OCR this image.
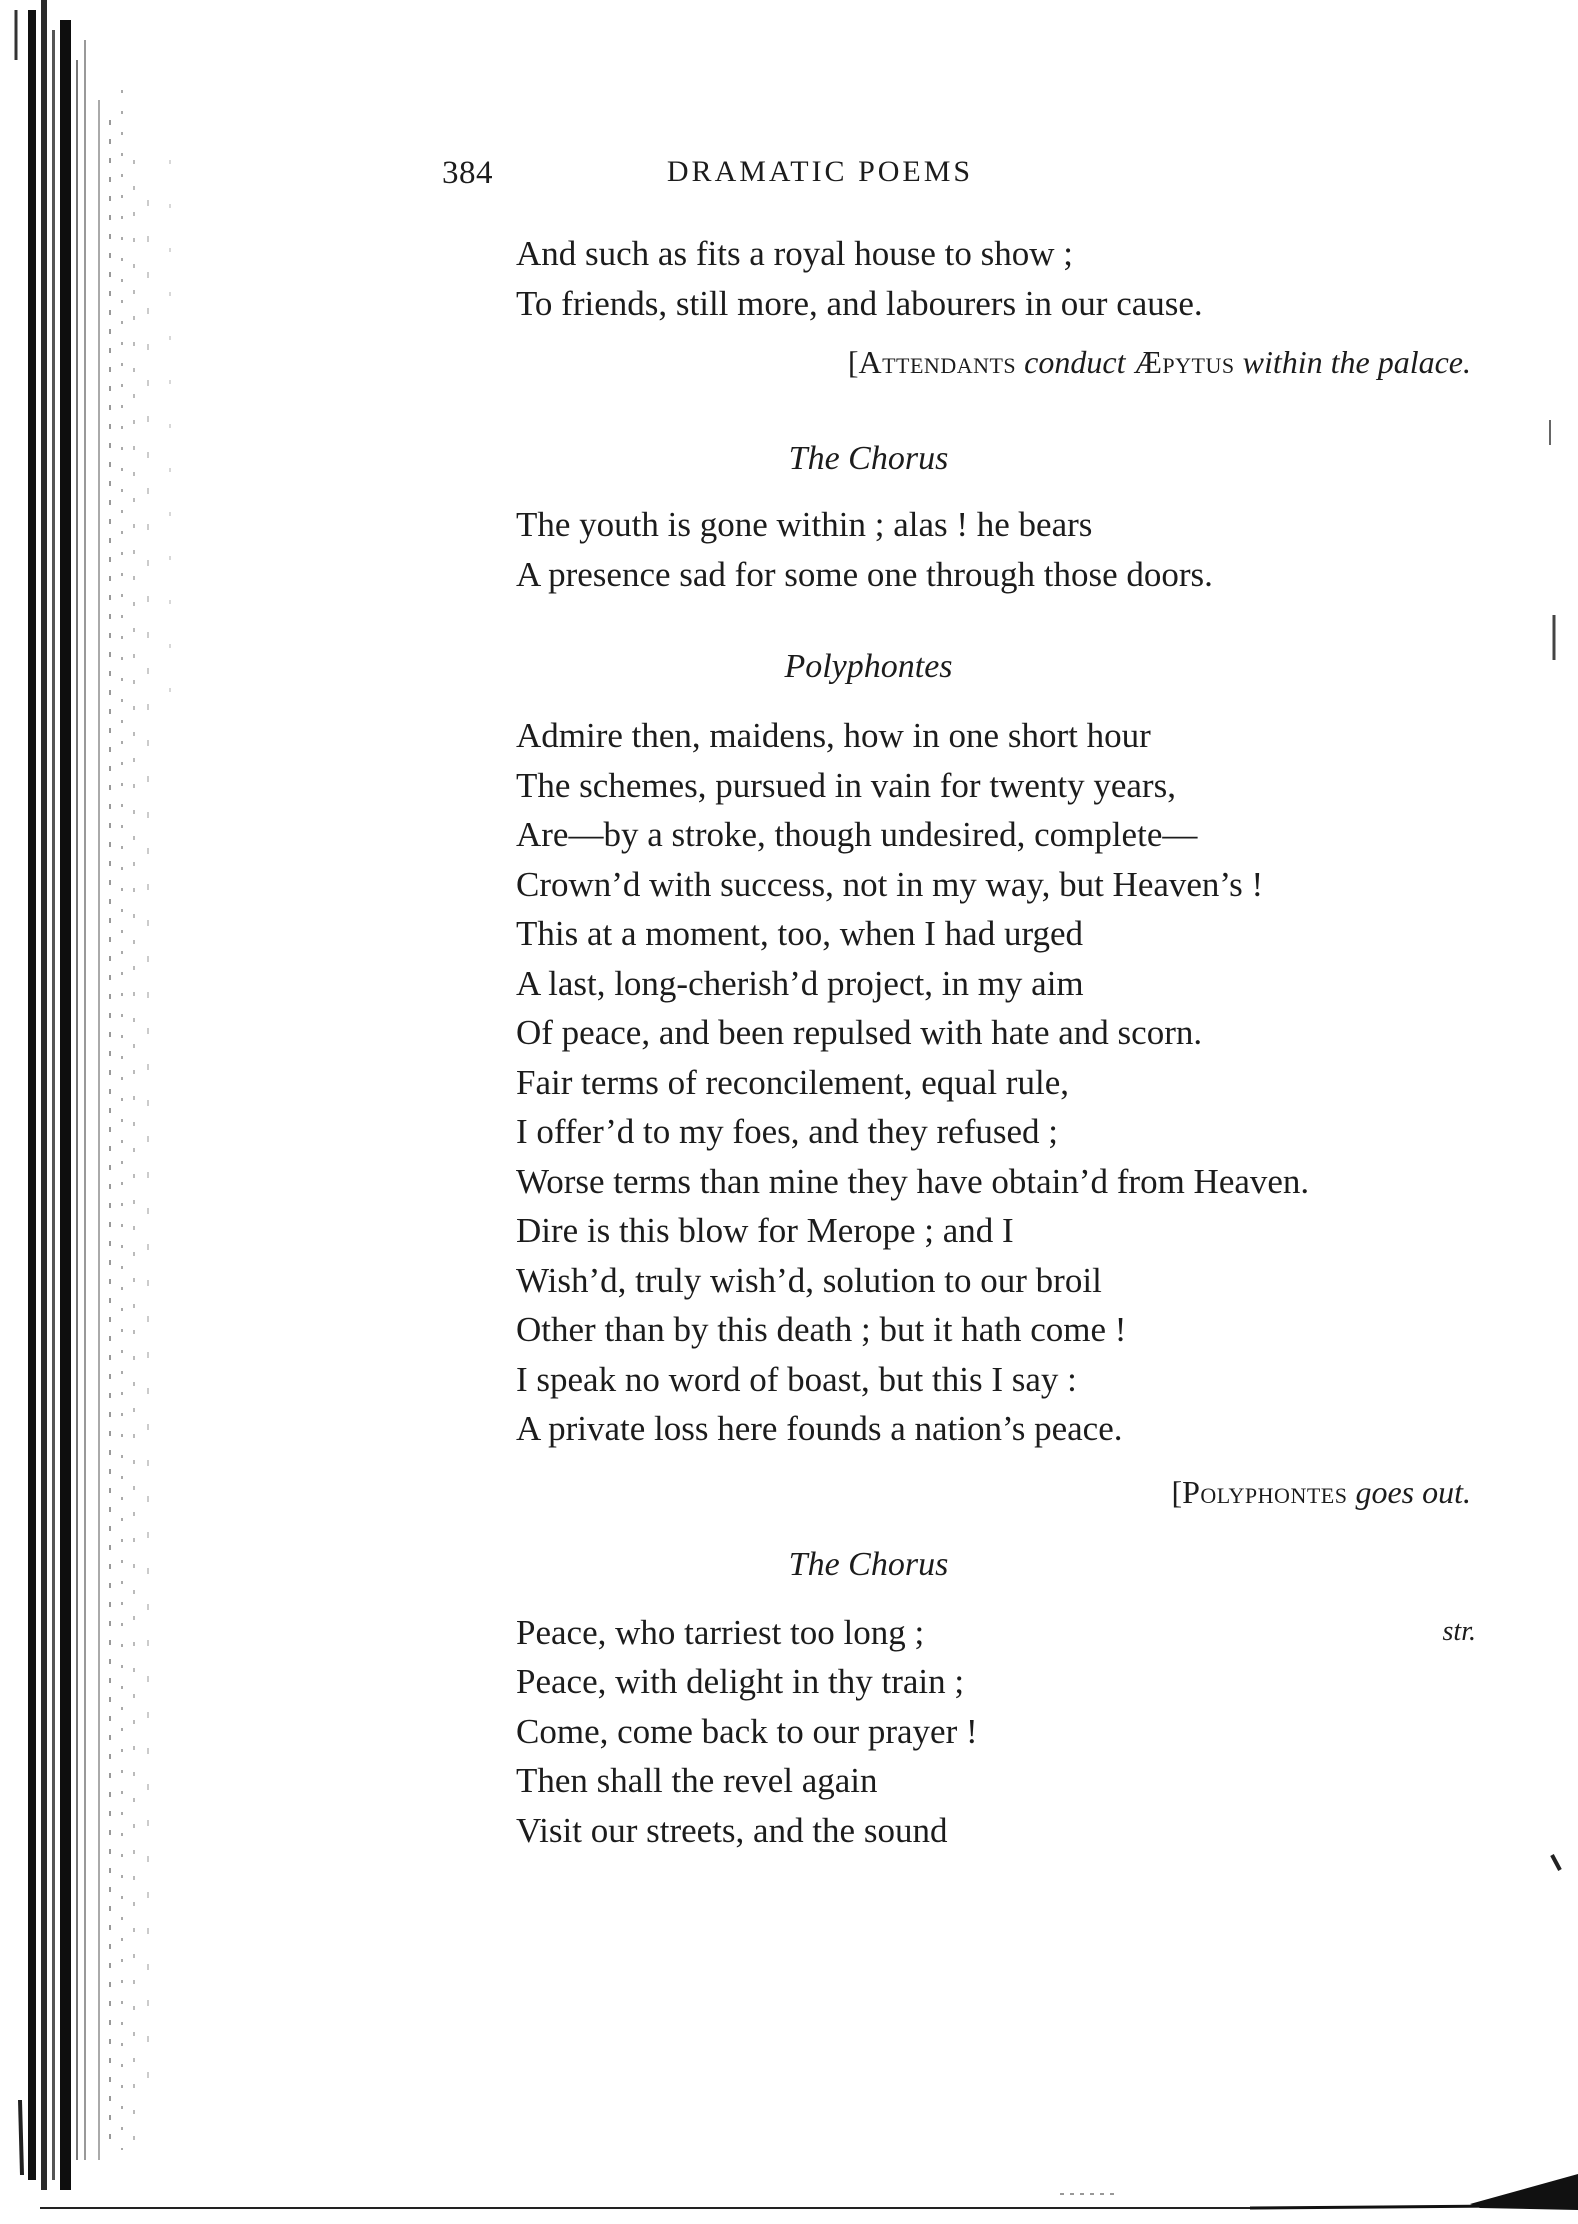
384	DRAMATIC POEMS
And such as fits a royal house to show ;
To friends, still more, and labourers in our cause.
[Attendants conduct Æpytus within the palace.
The Chorus
The youth is gone within ; alas ! he bears
A presence sad for some one through those doors.
Polyphontes
Admire then, maidens, how in one short hour
The schemes, pursued in vain for twenty years,
Are—by a stroke, though undesired, complete—
Crown’d with success, not in my way, but Heaven’s !
This at a moment, too, when I had urged
A last, long-cherish’d project, in my aim
Of peace, and been repulsed with hate and scorn.
Fair terms of reconcilement, equal rule,
I offer’d to my foes, and they refused ;
Worse terms than mine they have obtain’d from Heaven.
Dire is this blow for Merope ; and I
Wish’d, truly wish’d, solution to our broil
Other than by this death ; but it hath come !
I speak no word of boast, but this I say :
A private loss here founds a nation’s peace.
[Polyphontes goes out.
The Chorus
str.
Peace, who tarriest too long ;
Peace, with delight in thy train ;
Come, come back to our prayer !
Then shall the revel again
Visit our streets, and the sound
